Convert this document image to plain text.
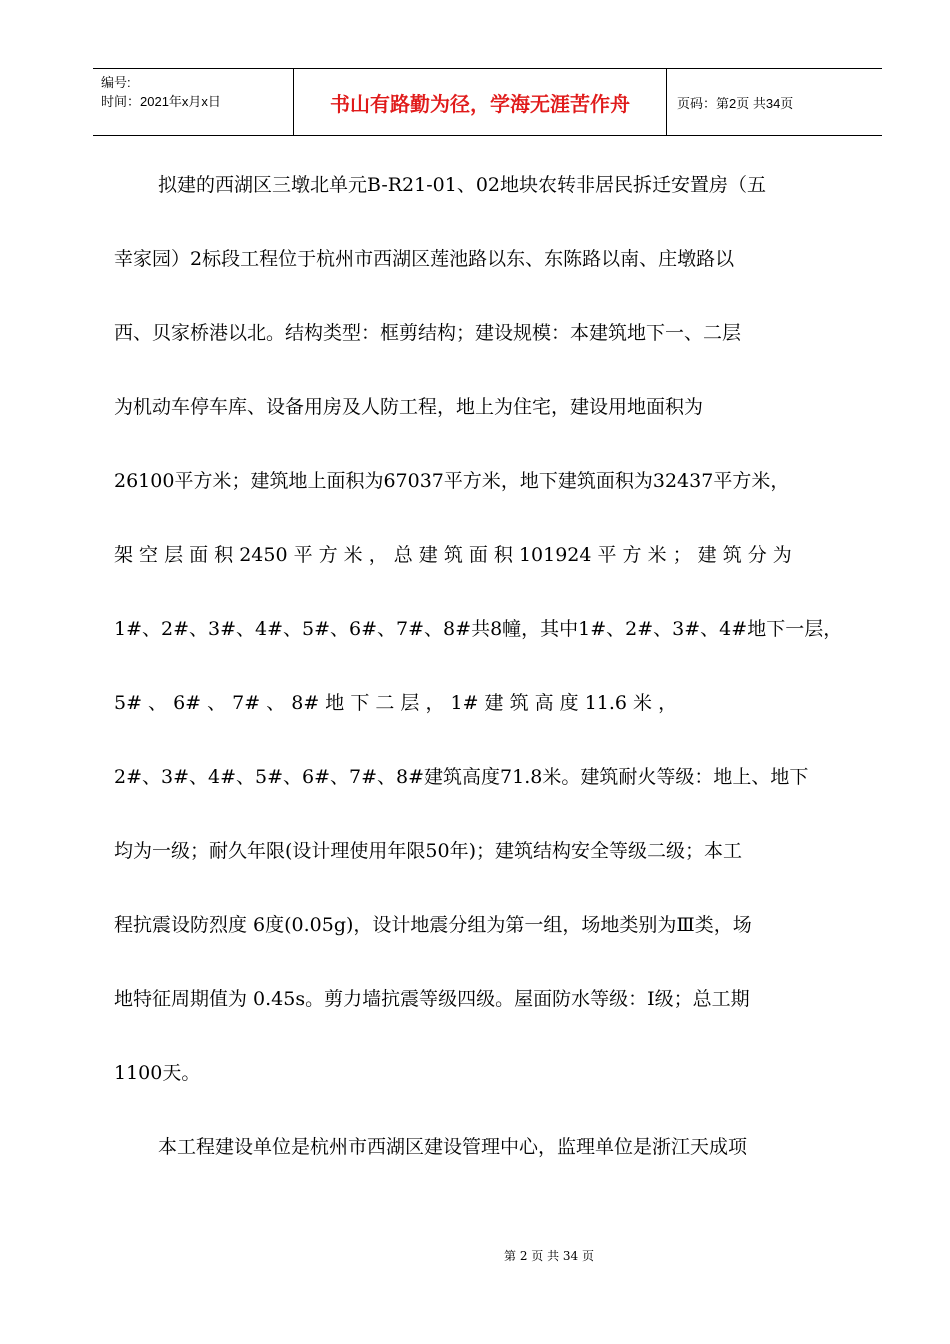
编号:
时间：2021年x月x日	书山有路勤为径，学海无涯苦作舟	页码：第2页 共34页
拟建的西湖区三墩北单元B-R21-01、02地块农转非居民拆迁安置房（五
幸家园）2标段工程位于杭州市西湖区莲池路以东、东陈路以南、庄墩路以
西、贝家桥港以北。结构类型：框剪结构；建设规模：本建筑地下一、二层
为机动车停车库、设备用房及人防工程，地上为住宅，建设用地面积为
26100平方米；建筑地上面积为67037平方米，地下建筑面积为32437平方米，
架 空 层 面 积 2450 平 方 米 ， 总 建 筑 面 积 101924 平 方 米 ； 建 筑 分 为
1#、2#、3#、4#、5#、6#、7#、8#共8幢，其中1#、2#、3#、4#地下一层，
5# 、 6# 、 7# 、 8# 地 下 二 层 ， 1# 建 筑 高 度 11.6 米 ，
2#、3#、4#、5#、6#、7#、8#建筑高度71.8米。建筑耐火等级：地上、地下
均为一级；耐久年限(设计理使用年限50年)；建筑结构安全等级二级；本工
程抗震设防烈度 6度(0.05g)，设计地震分组为第一组，场地类别为Ⅲ类，场
地特征周期值为 0.45s。剪力墙抗震等级四级。屋面防水等级：Ⅰ级；总工期
1100天。
本工程建设单位是杭州市西湖区建设管理中心，监理单位是浙江天成项
第 2 页 共 34 页
